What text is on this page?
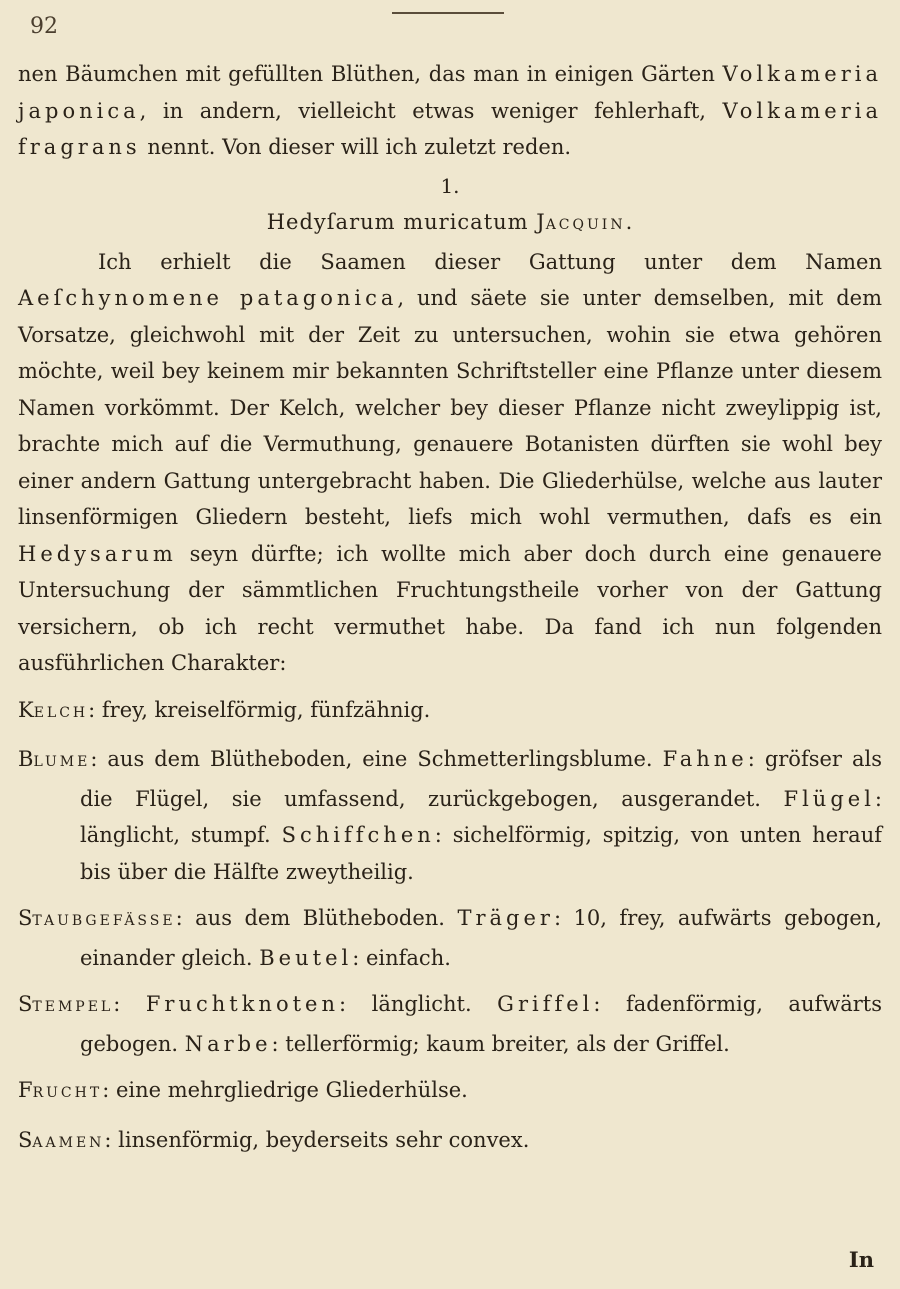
92

nen Bäumchen mit gefüllten Blüthen, das man in einigen Gärten Volkameria japonica, in andern, vielleicht etwas weniger fehlerhaft, Volkameria fragrans nennt. Von dieser will ich zuletzt reden.

1.
Hedyſarum muricatum JACQUIN.

Ich erhielt die Saamen dieser Gattung unter dem Namen Aeſchynomene patagonica, und säete sie unter demselben, mit dem Vorsatze, gleichwohl mit der Zeit zu untersuchen, wohin sie etwa gehören möchte, weil bey keinem mir bekannten Schriftsteller eine Pflanze unter diesem Namen vorkömmt. Der Kelch, welcher bey dieser Pflanze nicht zweylippig ist, brachte mich auf die Vermuthung, genauere Botanisten dürften sie wohl bey einer andern Gattung untergebracht haben. Die Gliederhülse, welche aus lauter linsenförmigen Gliedern besteht, liefs mich wohl vermuthen, dafs es ein Hedysarum seyn dürfte; ich wollte mich aber doch durch eine genauere Untersuchung der sämmtlichen Fruchtungstheile vorher von der Gattung versichern, ob ich recht vermuthet habe. Da fand ich nun folgenden ausführlichen Charakter:

KELCH: frey, kreiselförmig, fünfzähnig.

BLUME: aus dem Blütheboden, eine Schmetterlingsblume. Fahne: gröfser als die Flügel, sie umfassend, zurückgebogen, ausgerandet. Flügel: länglicht, stumpf. Schiffchen: sichelförmig, spitzig, von unten herauf bis über die Hälfte zweytheilig.

STAUBGEFÄSSE: aus dem Blütheboden. Träger: 10, frey, aufwärts gebogen, einander gleich. Beutel: einfach.

STEMPEL: Fruchtknoten: länglicht. Griffel: fadenförmig, aufwärts gebogen. Narbe: tellerförmig; kaum breiter, als der Griffel.

FRUCHT: eine mehrgliedrige Gliederhülse.

SAAMEN: linsenförmig, beyderseits sehr convex.

In
